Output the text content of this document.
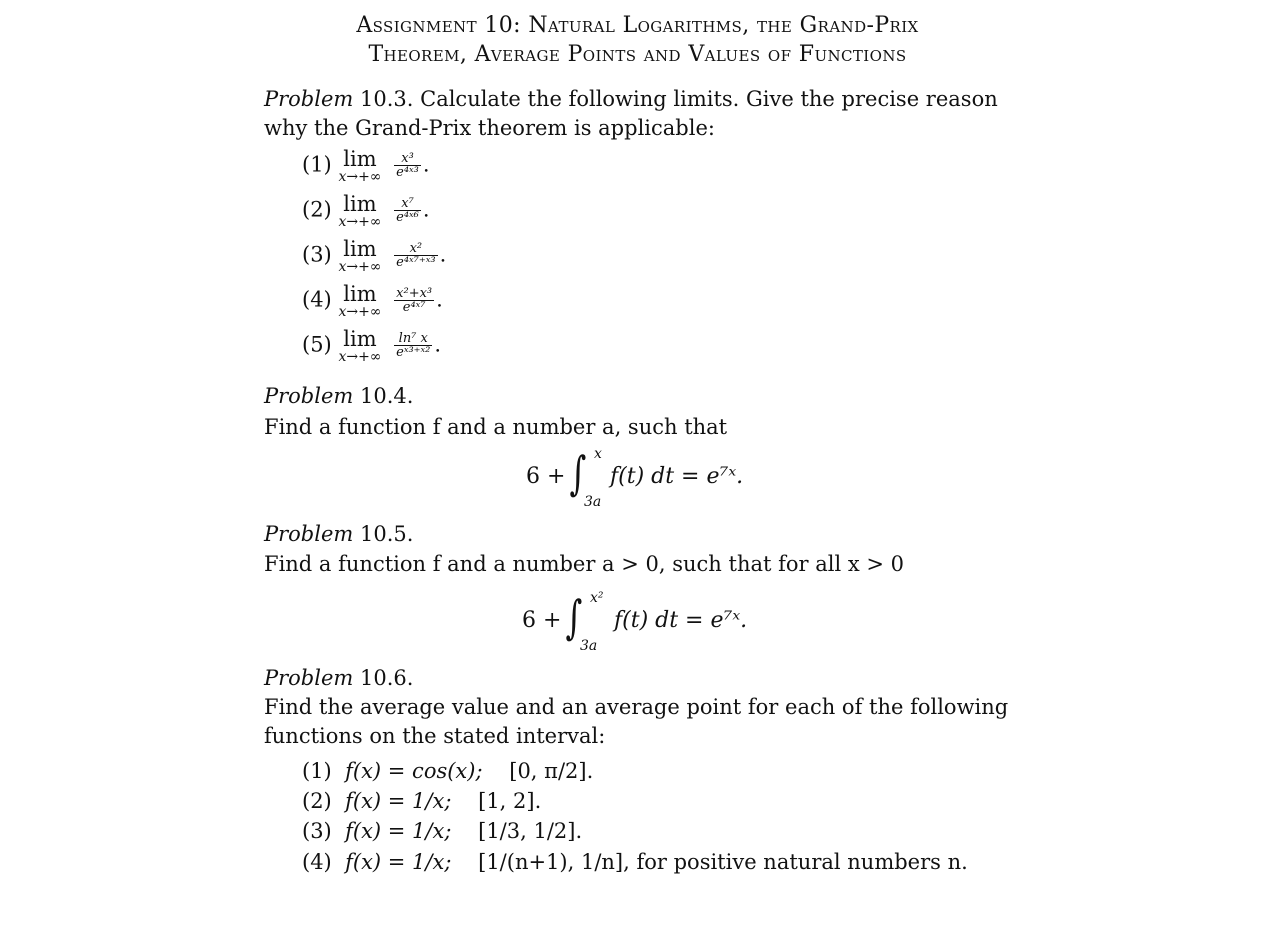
Assignment 10: Natural Logarithms, the Grand-Prix
Theorem, Average Points and Values of Functions
Problem 10.3. Calculate the following limits. Give the precise reason
why the Grand-Prix theorem is applicable:
(1) lim
x→+∞
$\frac{\text{x³}}{\text{e⁴ˣ³}}$ .
(2) lim
x→+∞
$\frac{\text{x⁷}}{\text{e⁴ˣ⁶}}$ .
(3) lim
x→+∞
$\frac{\text{x²}}{\text{e⁴ˣ⁷⁺ˣ³}}$ .
(4) lim
x→+∞
$\frac{\text{x²+x³}}{\text{e⁴ˣ⁷}}$ .
(5) lim
x→+∞
$\frac{\text{ln⁷ x}}{\text{eˣ³⁺ˣ²}}$ .
Problem 10.4.
Find a function f and a number a, such that
6 + ∫ x
3a
f(t) dt = e⁷ˣ.
Problem 10.5.
Find a function f and a number a > 0, such that for all x > 0
6 + ∫ x²
3a
f(t) dt = e⁷ˣ.
Problem 10.6.
Find the average value and an average point for each of the following
functions on the stated interval:
(1) f(x) = cos(x); [0, π/2].
(2) f(x) = 1/x; [1, 2].
(3) f(x) = 1/x; [1/3, 1/2].
(4) f(x) = 1/x; [1/(n+1), 1/n], for positive natural numbers n.
